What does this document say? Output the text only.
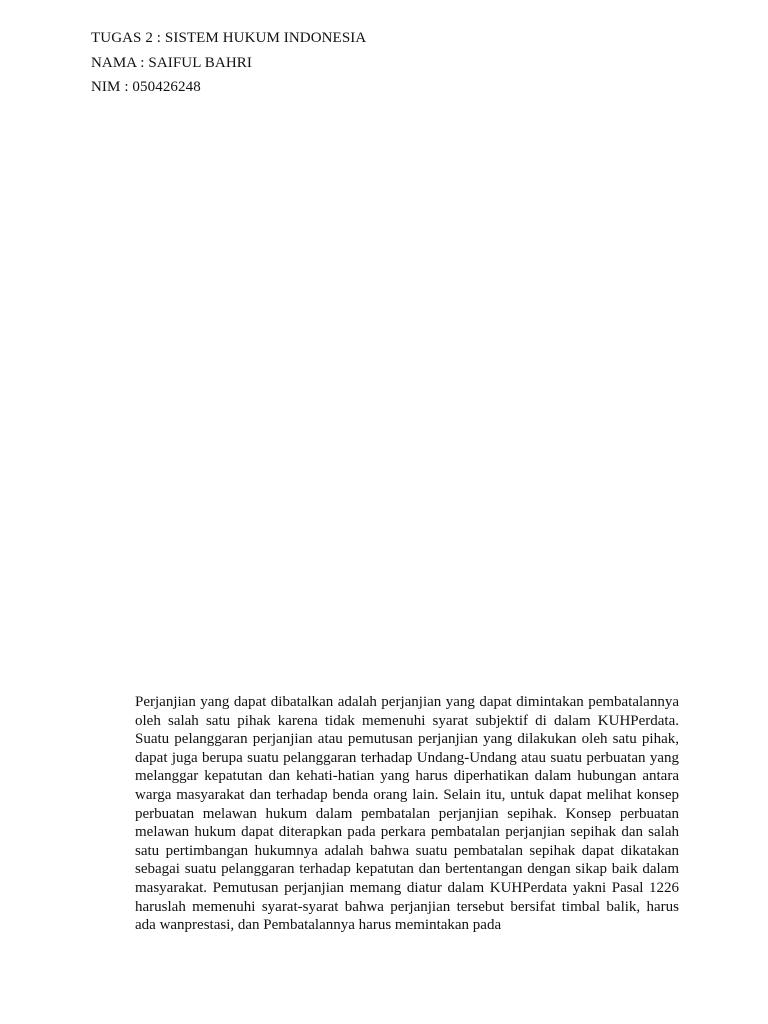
TUGAS 2 : SISTEM HUKUM INDONESIA
NAMA : SAIFUL BAHRI
NIM : 050426248

Perjanjian yang dapat dibatalkan adalah perjanjian yang dapat dimintakan pembatalannya oleh salah satu pihak karena tidak memenuhi syarat subjektif di dalam KUHPerdata. Suatu pelanggaran perjanjian atau pemutusan perjanjian yang dilakukan oleh satu pihak, dapat juga berupa suatu pelanggaran terhadap Undang-Undang atau suatu perbuatan yang melanggar kepatutan dan kehati-hatian yang harus diperhatikan dalam hubungan antara warga masyarakat dan terhadap benda orang lain. Selain itu, untuk dapat melihat konsep perbuatan melawan hukum dalam pembatalan perjanjian sepihak. Konsep perbuatan melawan hukum dapat diterapkan pada perkara pembatalan perjanjian sepihak dan salah satu pertimbangan hukumnya adalah bahwa suatu pembatalan sepihak dapat dikatakan sebagai suatu pelanggaran terhadap kepatutan dan bertentangan dengan sikap baik dalam masyarakat. Pemutusan perjanjian memang diatur dalam KUHPerdata yakni Pasal 1226 haruslah memenuhi syarat-syarat bahwa perjanjian tersebut bersifat timbal balik, harus ada wanprestasi, dan Pembatalannya harus memintakan pada
